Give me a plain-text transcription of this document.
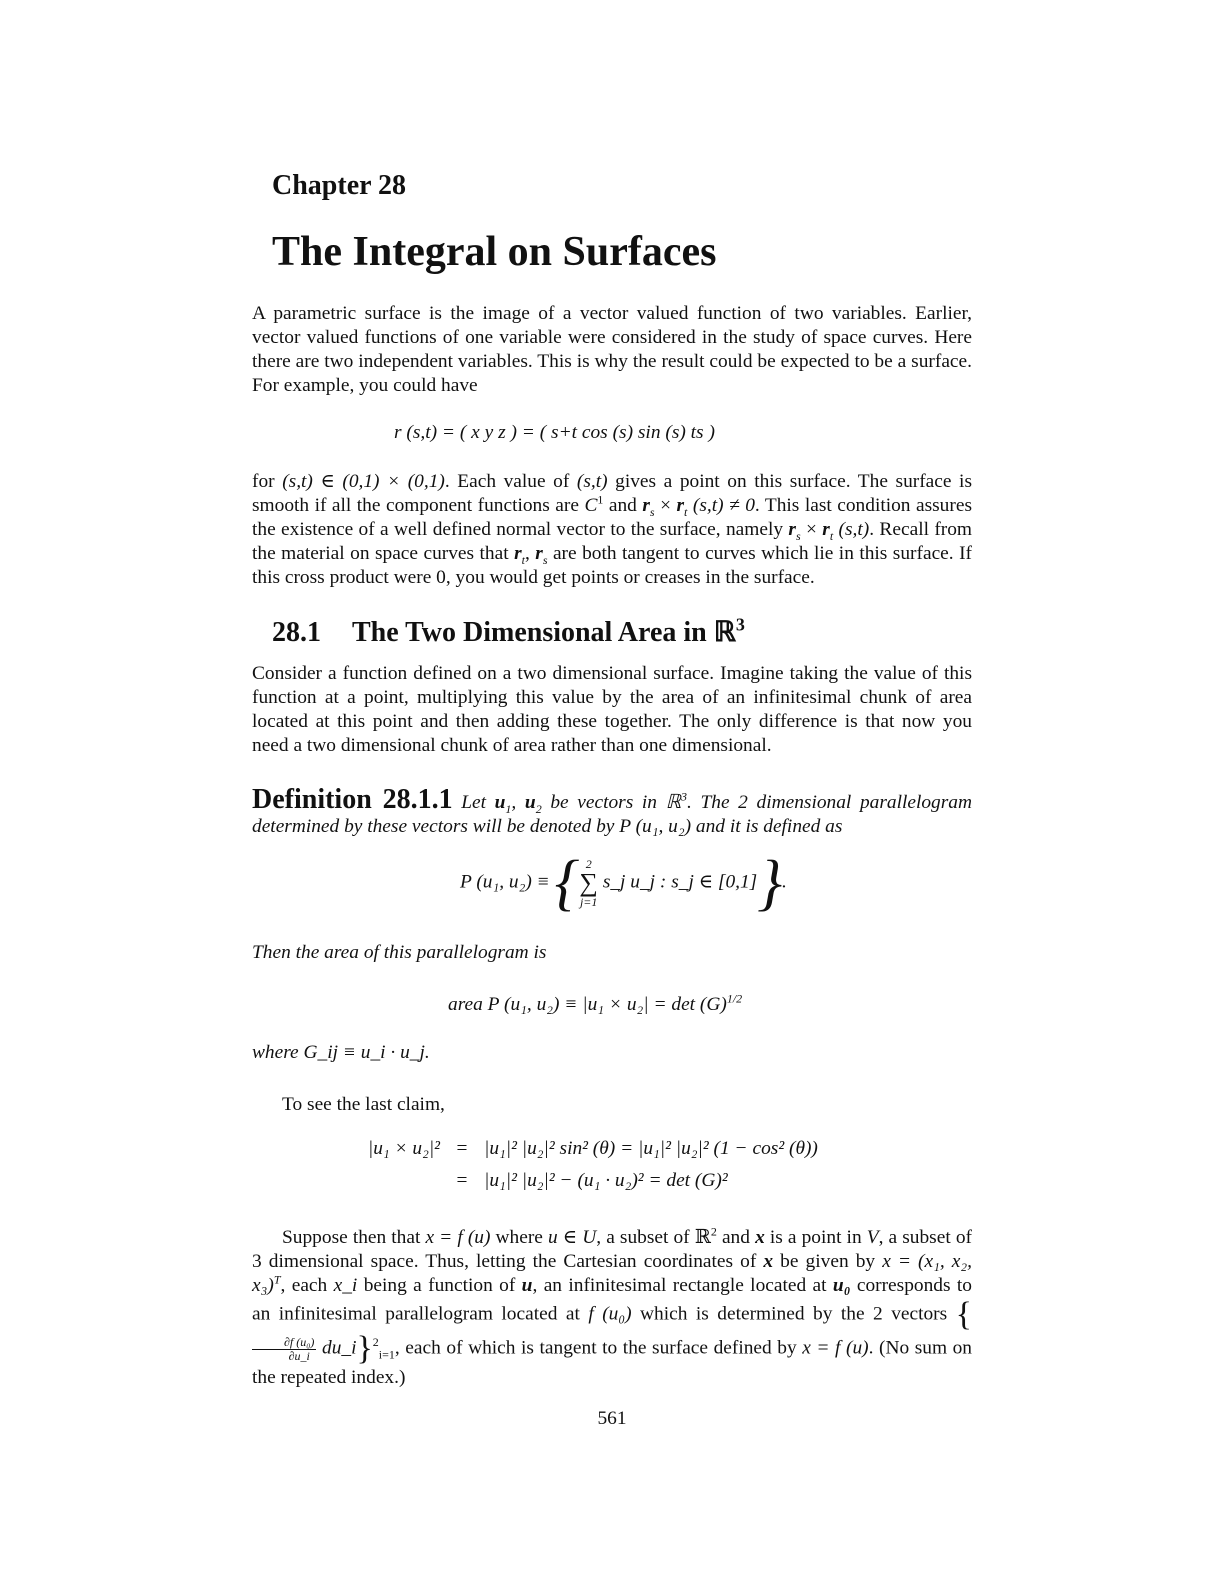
Chapter 28
The Integral on Surfaces

A parametric surface is the image of a vector valued function of two variables. Earlier, vector valued functions of one variable were considered in the study of space curves. Here there are two independent variables. This is why the result could be expected to be a surface. For example, you could have

r (s,t) = ( x y z ) = ( s+t cos (s) sin (s) ts )

for (s,t) ∈ (0,1) × (0,1). Each value of (s,t) gives a point on this surface. The surface is smooth if all the component functions are $C^1$ and $r_s \times r_t$ (s,t) ≠ 0. This last condition assures the existence of a well defined normal vector to the surface, namely $r_s \times r_t$ (s,t). Recall from the material on space curves that $r_t$, $r_s$ are both tangent to curves which lie in this surface. If this cross product were 0, you would get points or creases in the surface.

28.1 The Two Dimensional Area in ℝ$^3$

Consider a function defined on a two dimensional surface. Imagine taking the value of this function at a point, multiplying this value by the area of an infinitesimal chunk of area located at this point and then adding these together. The only difference is that now you need a two dimensional chunk of area rather than one dimensional.

Definition 28.1.1 Let $u_1$, $u_2$ be vectors in ℝ$^3$. The 2 dimensional parallelogram determined by these vectors will be denoted by P (u₁, u₂) and it is defined as

P (u₁, u₂) ≡ { 2
∑
j=1 s_j u_j : s_j ∈ [0,1]}.
Then the area of this parallelogram is
area P (u₁, $u_2) \equiv |u_1 \times u_2| = \det (G)^{1/2}$
where G_ij ≡ u_i · u_j.
To see the last claim,
|u₁ × u₂|²	=	|u₁|² |u₂|² sin² (θ) = |u₁|² |u₂|² (1 − cos² (θ))
	=	|u₁|² |u₂|² − (u₁ · u₂)² = det (G)²

Suppose then that x = f (u) where u ∈ U, a subset of ℝ$^2$ and x is a point in V, a subset of 3 dimensional space. Thus, letting the Cartesian coordinates of x be given by x = (x₁, x₂, x₃)$^T$, each x_i being a function of u, an infinitesimal rectangle located at u₀ corresponds to an infinitesimal parallelogram located at f (u₀) which is determined by the 2 vectors {
$\frac{\text{∂f (u₀)}}{\partial u\_i}$ du_i}$^2_{i=1}$, each of which is tangent to the surface defined by x = f (u). (No sum on the repeated index.)

561
